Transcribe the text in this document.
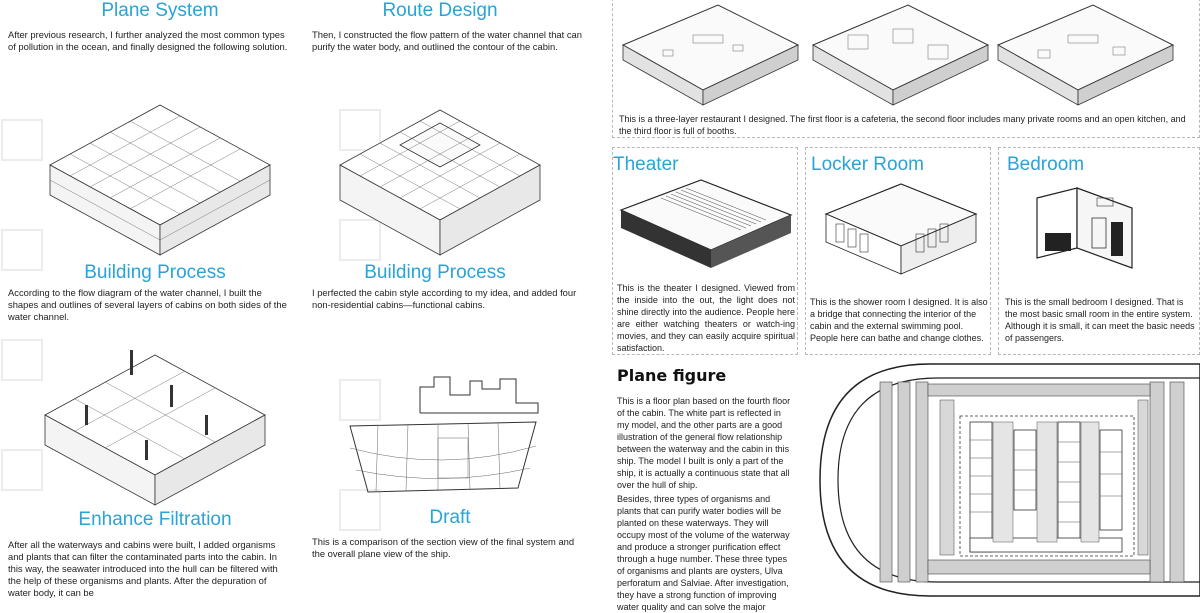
Plane System
After previous research, I further analyzed the most common types of pollution in the ocean, and finally designed the following solution.
Route Design
Then, I constructed the flow pattern of the water channel that can purify the water body, and outlined the contour of the cabin.
Building Process
According to the flow diagram of the water channel, I built the shapes and outlines of several layers of cabins on both sides of the water channel.
Building Process
I perfected the cabin style according to my idea, and added four non-residential cabins—functional cabins.
Enhance Filtration
After all the waterways and cabins were built, I added organisms and plants that can filter the contaminated parts into the cabin. In this way, the seawater introduced into the hull can be filtered with the help of these organisms and plants. After the depuration of water body, it can be
Draft
This is a comparison of the section view of the final system and the overall plane view of the ship.
This is a three-layer restaurant I designed. The first floor is a cafeteria, the second floor includes many private rooms and an open kitchen, and the third floor is full of booths.
Theater
This is the theater I designed. Viewed from the inside into the out, the light does not shine directly into the audience. People here are either watching theaters or watch-ing movies, and they can easily acquire spiritual satisfaction.
Locker Room
This is the shower room I designed. It is also a bridge that connecting the interior of the cabin and the external swimming pool. People here can bathe and change clothes.
Bedroom
This is the small bedroom I designed. That is the most basic small room in the entire system. Although it is small, it can meet the basic needs of passengers.
Plane figure
This is a floor plan based on the fourth floor of the cabin. The white part is reflected in my model, and the other parts are a good illustration of the general flow relationship between the waterway and the cabin in this ship. The model I built is only a part of the ship, it is actually a continuous state that all over the hull of ship.
Besides, three types of organisms and plants that can purify water bodies will be planted on these waterways. They will occupy most of the volume of the waterway and produce a stronger purification effect through a huge number. These three types of organisms and plants are oysters, Ulva perforatum and Salviae. After investigation, they have a strong function of improving water quality and can solve the major
